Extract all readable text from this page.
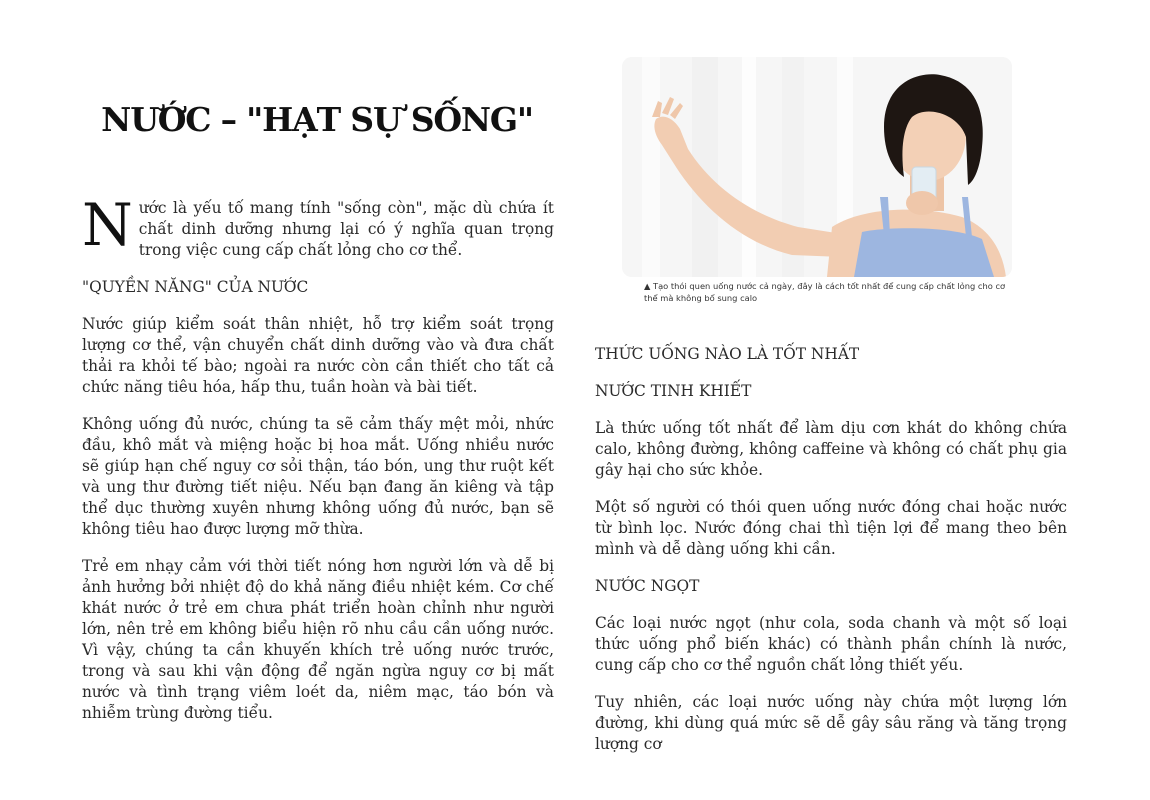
NƯỚC – "HẠT SỰ SỐNG"

Nước là yếu tố mang tính "sống còn", mặc dù chứa ít chất dinh dưỡng nhưng lại có ý nghĩa quan trọng trong việc cung cấp chất lỏng cho cơ thể.

"QUYỀN NĂNG" CỦA NƯỚC

Nước giúp kiểm soát thân nhiệt, hỗ trợ kiểm soát trọng lượng cơ thể, vận chuyển chất dinh dưỡng vào và đưa chất thải ra khỏi tế bào; ngoài ra nước còn cần thiết cho tất cả chức năng tiêu hóa, hấp thu, tuần hoàn và bài tiết.

Không uống đủ nước, chúng ta sẽ cảm thấy mệt mỏi, nhức đầu, khô mắt và miệng hoặc bị hoa mắt. Uống nhiều nước sẽ giúp hạn chế nguy cơ sỏi thận, táo bón, ung thư ruột kết và ung thư đường tiết niệu. Nếu bạn đang ăn kiêng và tập thể dục thường xuyên nhưng không uống đủ nước, bạn sẽ không tiêu hao được lượng mỡ thừa.

Trẻ em nhạy cảm với thời tiết nóng hơn người lớn và dễ bị ảnh hưởng bởi nhiệt độ do khả năng điều nhiệt kém. Cơ chế khát nước ở trẻ em chưa phát triển hoàn chỉnh như người lớn, nên trẻ em không biểu hiện rõ nhu cầu cần uống nước. Vì vậy, chúng ta cần khuyến khích trẻ uống nước trước, trong và sau khi vận động để ngăn ngừa nguy cơ bị mất nước và tình trạng viêm loét da, niêm mạc, táo bón và nhiễm trùng đường tiểu.

▲ Tạo thói quen uống nước cả ngày, đây là cách tốt nhất để cung cấp chất lỏng cho cơ thể mà không bổ sung calo

THỨC UỐNG NÀO LÀ TỐT NHẤT

NƯỚC TINH KHIẾT

Là thức uống tốt nhất để làm dịu cơn khát do không chứa calo, không đường, không caffeine và không có chất phụ gia gây hại cho sức khỏe.

Một số người có thói quen uống nước đóng chai hoặc nước từ bình lọc. Nước đóng chai thì tiện lợi để mang theo bên mình và dễ dàng uống khi cần.

NƯỚC NGỌT

Các loại nước ngọt (như cola, soda chanh và một số loại thức uống phổ biến khác) có thành phần chính là nước, cung cấp cho cơ thể nguồn chất lỏng thiết yếu.

Tuy nhiên, các loại nước uống này chứa một lượng lớn đường, khi dùng quá mức sẽ dễ gây sâu răng và tăng trọng lượng cơ
